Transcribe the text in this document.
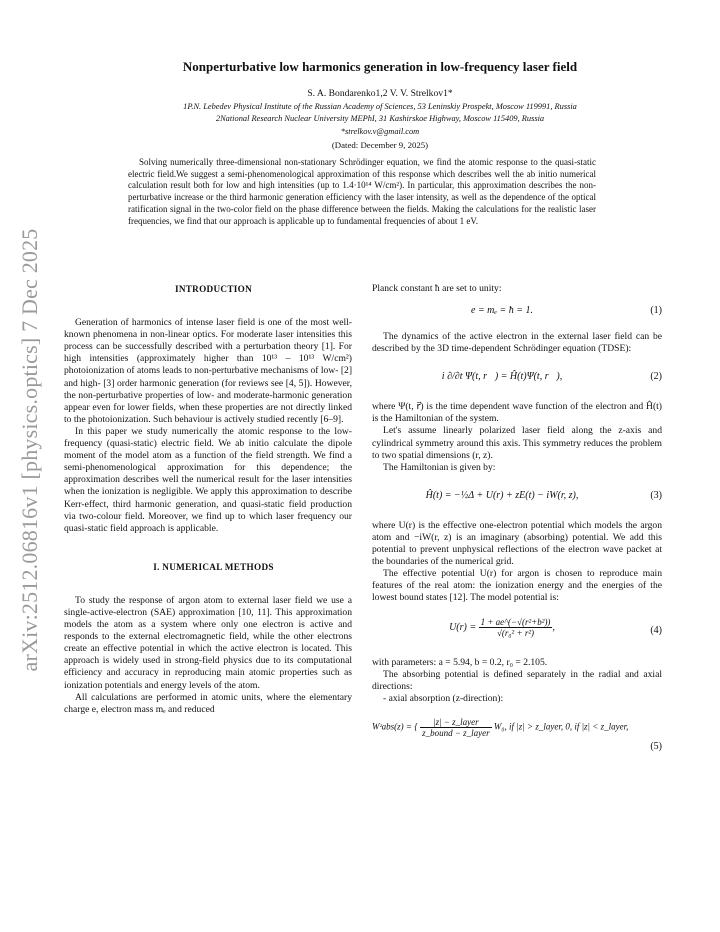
arXiv:2512.06816v1 [physics.optics] 7 Dec 2025
Nonperturbative low harmonics generation in low-frequency laser field
S. A. Bondarenko1,2 V. V. Strelkov1*
1P.N. Lebedev Physical Institute of the Russian Academy of Sciences, 53 Leninskiy Prospekt, Moscow 119991, Russia
2National Research Nuclear University MEPhI, 31 Kashirskoe Highway, Moscow 115409, Russia
*strelkov.v@gmail.com
(Dated: December 9, 2025)
Solving numerically three-dimensional non-stationary Schrödinger equation, we find the atomic response to the quasi-static electric field.We suggest a semi-phenomenological approximation of this response which describes well the ab initio numerical calculation result both for low and high intensities (up to 1.4·10¹⁴ W/cm²). In particular, this approximation describes the non-perturbative increase or the third harmonic generation efficiency with the laser intensity, as well as the dependence of the optical ratification signal in the two-color field on the phase difference between the fields. Making the calculations for the realistic laser frequencies, we find that our approach is applicable up to fundamental frequencies of about 1 eV.

INTRODUCTION

Generation of harmonics of intense laser field is one of the most well-known phenomena in non-linear optics. For moderate laser intensities this process can be successfully described with a perturbation theory [1]. For high intensities (approximately higher than 10¹³ – 10¹³ W/cm²) photoionization of atoms leads to non-perturbative mechanisms of low- [2] and high- [3] order harmonic generation (for reviews see [4, 5]). However, the non-perturbative properties of low- and moderate-harmonic generation appear even for lower fields, when these properties are not directly linked to the photoionization. Such behaviour is actively studied recently [6–9].

In this paper we study numerically the atomic response to the low-frequency (quasi-static) electric field. We ab initio calculate the dipole moment of the model atom as a function of the field strength. We find a semi-phenomenological approximation for this dependence; the approximation describes well the numerical result for the laser intensities when the ionization is negligible. We apply this approximation to describe Kerr-effect, third harmonic generation, and quasi-static field production via two-colour field. Moreover, we find up to which laser frequency our quasi-static field approach is applicable.

I. NUMERICAL METHODS

To study the response of argon atom to external laser field we use a single-active-electron (SAE) approximation [10, 11]. This approximation models the atom as a system where only one electron is active and responds to the external electromagnetic field, while the other electrons create an effective potential in which the active electron is located. This approach is widely used in strong-field physics due to its computational efficiency and accuracy in reproducing main atomic properties such as ionization potentials and energy levels of the atom.

All calculations are performed in atomic units, where the elementary charge e, electron mass mₑ and reduced

Planck constant ħ are set to unity:

e = mₑ = ħ = 1.	(1)

The dynamics of the active electron in the external laser field can be described by the 3D time-dependent Schrödinger equation (TDSE):

i ∂/∂t Ψ(t, r⃗) = Ĥ(t)Ψ(t, r⃗),	(2)

where Ψ(t, r⃗) is the time dependent wave function of the electron and Ĥ(t) is the Hamiltonian of the system.

Let's assume linearly polarized laser field along the z-axis and cylindrical symmetry around this axis. This symmetry reduces the problem to two spatial dimensions (r, z).

The Hamiltonian is given by:

Ĥ(t) = −½Δ + U(r) + zE(t) − iW(r, z),	(3)

where U(r) is the effective one-electron potential which models the argon atom and −iW(r, z) is an imaginary (absorbing) potential. We add this potential to prevent unphysical reflections of the electron wave packet at the boundaries of the numerical grid.

The effective potential U(r) for argon is chosen to reproduce main features of the real atom: the ionization energy and the energies of the lowest bound states [12]. The model potential is:

$U(r) = \frac{\text{1 + ae\textasciicircum{}(−√(r²+b²))}}{\text{√(r₀² + r²)}}$ ,	(4)

with parameters: a = 5.94, b = 0.2, r₀ = 2.105.

The absorbing potential is defined separately in the radial and axial directions:

- axial absorption (z-direction):

Wᶻabs(z) = { $\frac{\text{|z| − z\_layer}}{\text{z\_bound − z\_layer}} W_0$, if |z| > z_layer, 0, if |z| < z_layer,
(5)
